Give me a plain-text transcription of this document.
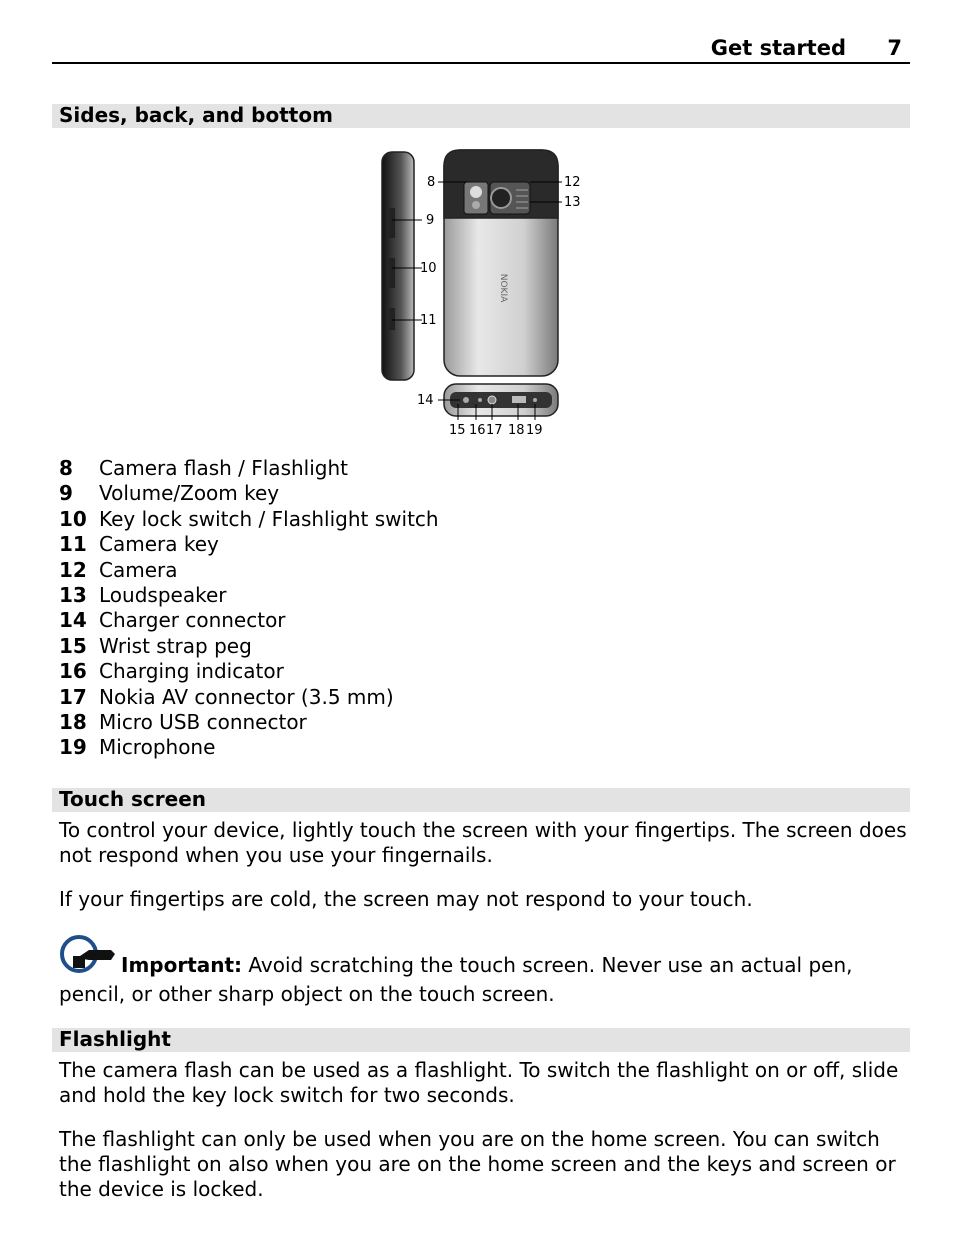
Get started 7
Sides, back, and bottom
NOKIA
8
9
10
11
12
13
14
15 16 17 18 19
8	Camera flash / Flashlight
9	Volume/Zoom key
10 Key lock switch / Flashlight switch
11 Camera key
12 Camera
13 Loudspeaker
14 Charger connector
15 Wrist strap peg
16 Charging indicator
17 Nokia AV connector (3.5 mm)
18 Micro USB connector
19 Microphone
Touch screen
To control your device, lightly touch the screen with your fingertips. The screen does not respond when you use your fingernails.
If your fingertips are cold, the screen may not respond to your touch.
Important: Avoid scratching the touch screen. Never use an actual pen, pencil, or other sharp object on the touch screen.
Flashlight
The camera flash can be used as a flashlight. To switch the flashlight on or off, slide and hold the key lock switch for two seconds.
The flashlight can only be used when you are on the home screen. You can switch the flashlight on also when you are on the home screen and the keys and screen or the device is locked.
